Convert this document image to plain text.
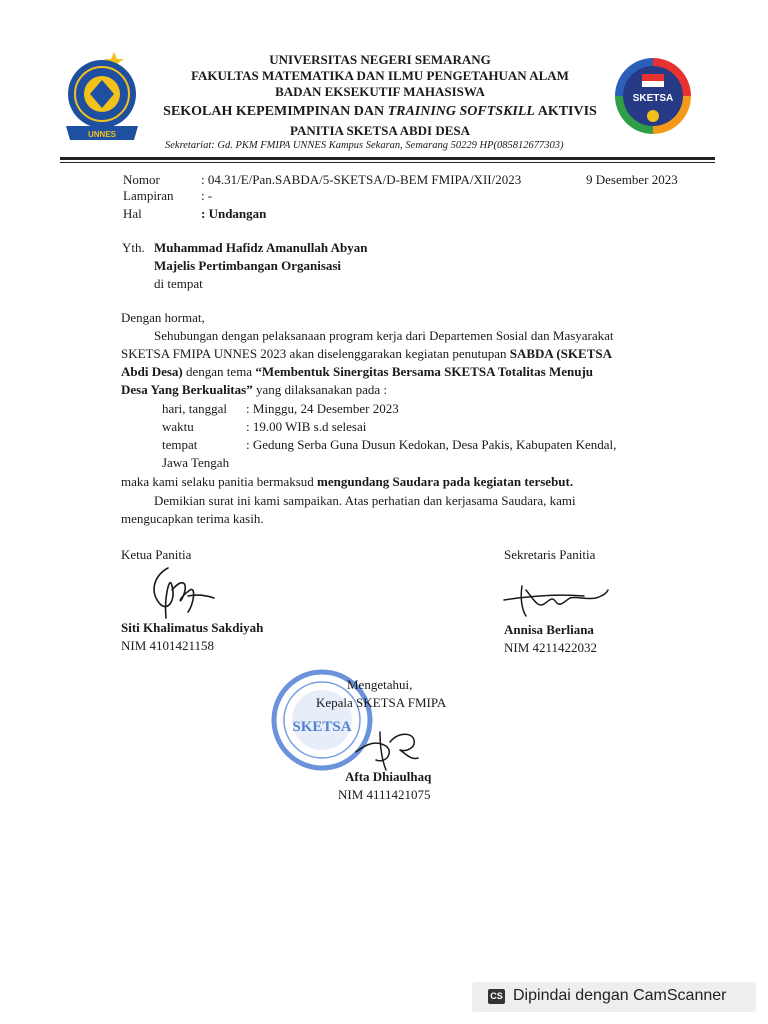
UNNES
SKETSA
UNIVERSITAS NEGERI SEMARANG
FAKULTAS MATEMATIKA DAN ILMU PENGETAHUAN ALAM
BADAN EKSEKUTIF MAHASISWA
SEKOLAH KEPEMIMPINAN DAN TRAINING SOFTSKILL AKTIVIS
PANITIA SKETSA ABDI DESA
Sekretariat: Gd. PKM FMIPA UNNES Kampus Sekaran, Semarang 50229 HP(085812677303)
Nomor	: 04.31/E/Pan.SABDA/5-SKETSA/D-BEM FMIPA/XII/2023	9 Desember 2023
Lampiran : -
Hal	: Undangan
Yth. Muhammad Hafidz Amanullah Abyan
Majelis Pertimbangan Organisasi
di tempat
Dengan hormat,
Sehubungan dengan pelaksanaan program kerja dari Departemen Sosial dan Masyarakat
SKETSA FMIPA UNNES 2023 akan diselenggarakan kegiatan penutupan SABDA (SKETSA
Abdi Desa) dengan tema “Membentuk Sinergitas Bersama SKETSA Totalitas Menuju
Desa Yang Berkualitas” yang dilaksanakan pada :
hari, tanggal : Minggu, 24 Desember 2023
waktu	: 19.00 WIB s.d selesai
tempat	: Gedung Serba Guna Dusun Kedokan, Desa Pakis, Kabupaten Kendal,
Jawa Tengah
maka kami selaku panitia bermaksud mengundang Saudara pada kegiatan tersebut.
Demikian surat ini kami sampaikan. Atas perhatian dan kerjasama Saudara, kami
mengucapkan terima kasih.
Ketua Panitia
Siti Khalimatus Sakdiyah
NIM 4101421158
Sekretaris Panitia
Annisa Berliana
NIM 4211422032
SKETSA
Mengetahui,
Kepala SKETSA FMIPA
Afta Dhiaulhaq
NIM 4111421075
CS Dipindai dengan CamScanner
